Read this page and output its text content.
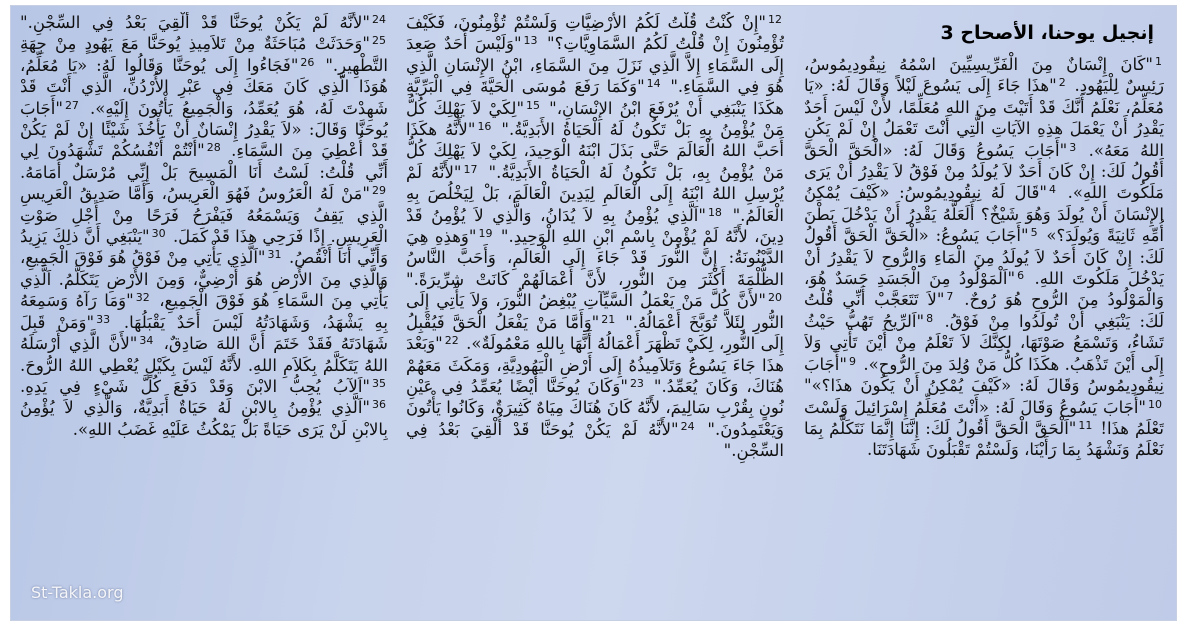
إنجيل يوحنا، الأصحاح 3
$^1$"كَانَ إِنْسَانٌ مِنَ الْفَرِّيسِيِّينَ اسْمُهُ نِيقُودِيمُوسُ، رَئِيسٌ لِلْيَهُودِ. $^2$"هذَا جَاءَ إِلَى يَسُوعَ لَيْلاً وَقَالَ لَهُ: «يَا مُعَلِّمُ، نَعْلَمُ أَنَّكَ قَدْ أَتَيْتَ مِنَ اللهِ مُعَلِّمًا، لأَنْ لَيْسَ أَحَدٌ يَقْدِرُ أَنْ يَعْمَلَ هذِهِ الآيَاتِ الَّتِي أَنْتَ تَعْمَلُ إِنْ لَمْ يَكُنِ اللهُ مَعَهُ». $^3$"أَجَابَ يَسُوعُ وَقَالَ لَهُ: «الْحَقَّ الْحَقَّ أَقُولُ لَكَ: إِنْ كَانَ أَحَدٌ لاَ يُولَدُ مِنْ فَوْقُ لاَ يَقْدِرُ أَنْ يَرَى مَلَكُوتَ اللهِ». $^4$"قَالَ لَهُ نِيقُودِيمُوسُ: «كَيْفَ يُمْكِنُ الإِنْسَانَ أَنْ يُولَدَ وَهُوَ شَيْخٌ؟ أَلَعَلَّهُ يَقْدِرُ أَنْ يَدْخُلَ بَطْنَ أُمِّهِ ثَانِيَةً وَيُولَدَ؟» $^5$"أَجَابَ يَسُوعُ: «الْحَقَّ الْحَقَّ أَقُولُ لَكَ: إِنْ كَانَ أَحَدٌ لاَ يُولَدُ مِنَ الْمَاءِ وَالرُّوحِ لاَ يَقْدِرُ أَنْ يَدْخُلَ مَلَكُوتَ اللهِ. $^6$"اَلْمَوْلُودُ مِنَ الْجَسَدِ جَسَدٌ هُوَ، وَالْمَوْلُودُ مِنَ الرُّوحِ هُوَ رُوحٌ. $^7$"لاَ تَتَعَجَّبْ أَنِّي قُلْتُ لَكَ: يَنْبَغِي أَنْ تُولَدُوا مِنْ فَوْقُ. $^8$"اَلرِّيحُ تَهُبُّ حَيْثُ تَشَاءُ، وَتَسْمَعُ صَوْتَهَا، لكِنَّكَ لاَ تَعْلَمُ مِنْ أَيْنَ تَأْتِي وَلاَ إِلَى أَيْنَ تَذْهَبُ. هكَذَا كُلُّ مَنْ وُلِدَ مِنَ الرُّوحِ». $^9$"أَجَابَ نِيقُودِيمُوسُ وَقَالَ لَهُ: «كَيْفَ يُمْكِنُ أَنْ يَكُونَ هذَا؟»" $^{10}$"أَجَابَ يَسُوعُ وَقَالَ لَهُ: «أَنْتَ مُعَلِّمُ إِسْرَائِيلَ وَلَسْتَ تَعْلَمُ هذَا! $^{11}$"اَلْحَقَّ الْحَقَّ أَقُولُ لَكَ: إِنَّنَا إِنَّمَا نَتَكَلَّمُ بِمَا نَعْلَمُ وَنَشْهَدُ بِمَا رَأَيْنَا، وَلَسْتُمْ تَقْبَلُونَ شَهَادَتَنَا.
$^{12}$"إِنْ كُنْتُ قُلْتُ لَكُمُ الأَرْضِيَّاتِ وَلَسْتُمْ تُؤْمِنُونَ، فَكَيْفَ تُؤْمِنُونَ إِنْ قُلْتُ لَكُمُ السَّمَاوِيَّاتِ؟" $^{13}$"وَلَيْسَ أَحَدٌ صَعِدَ إِلَى السَّمَاءِ إِلاَّ الَّذِي نَزَلَ مِنَ السَّمَاءِ، ابْنُ الإِنْسَانِ الَّذِي هُوَ فِي السَّمَاءِ." $^{14}$"وَكَمَا رَفَعَ مُوسَى الْحَيَّةَ فِي الْبَرِّيَّةِ هكَذَا يَنْبَغِي أَنْ يُرْفَعَ ابْنُ الإِنْسَانِ،" $^{15}$"لِكَيْ لاَ يَهْلِكَ كُلُّ مَنْ يُؤْمِنُ بِهِ بَلْ تَكُونُ لَهُ الْحَيَاةُ الأَبَدِيَّةُ." $^{16}$"لأَنَّهُ هكَذَا أَحَبَّ اللهُ الْعَالَمَ حَتَّى بَذَلَ ابْنَهُ الْوَحِيدَ، لِكَيْ لاَ يَهْلِكَ كُلُّ مَنْ يُؤْمِنُ بِهِ، بَلْ تَكُونُ لَهُ الْحَيَاةُ الأَبَدِيَّةُ." $^{17}$"لأَنَّهُ لَمْ يُرْسِلِ اللهُ ابْنَهُ إِلَى الْعَالَمِ لِيَدِينَ الْعَالَمَ، بَلْ لِيَخْلُصَ بِهِ الْعَالَمُ." $^{18}$"اَلَّذِي يُؤْمِنُ بِهِ لاَ يُدَانُ، وَالَّذِي لاَ يُؤْمِنُ قَدْ دِينَ، لأَنَّهُ لَمْ يُؤْمِنْ بِاسْمِ ابْنِ اللهِ الْوَحِيدِ." $^{19}$"وَهذِهِ هِيَ الدَّيْنُونَةُ: إِنَّ النُّورَ قَدْ جَاءَ إِلَى الْعَالَمِ، وَأَحَبَّ النَّاسُ الظُّلْمَةَ أَكْثَرَ مِنَ النُّورِ، لأَنَّ أَعْمَالَهُمْ كَانَتْ شِرِّيرَةً." $^{20}$"لأَنَّ كُلَّ مَنْ يَعْمَلُ السَّيِّآتِ يُبْغِضُ النُّورَ، وَلاَ يَأْتِي إِلَى النُّورِ لِئَلاَّ تُوَبَّخَ أَعْمَالُهُ." $^{21}$"وَأَمَّا مَنْ يَفْعَلُ الْحَقَّ فَيُقْبِلُ إِلَى النُّورِ، لِكَيْ تَظْهَرَ أَعْمَالُهُ أَنَّهَا بِاللهِ مَعْمُولَةٌ». $^{22}$"وَبَعْدَ هذَا جَاءَ يَسُوعُ وَتَلاَمِيذُهُ إِلَى أَرْضِ الْيَهُودِيَّةِ، وَمَكَثَ مَعَهُمْ هُنَاكَ، وَكَانَ يُعَمِّدُ." $^{23}$"وَكَانَ يُوحَنَّا أَيْضًا يُعَمِّدُ فِي عَيْنِ نُونٍ بِقُرْبِ سَالِيمَ، لأَنَّهُ كَانَ هُنَاكَ مِيَاهٌ كَثِيرَةٌ، وَكَانُوا يَأْتُونَ وَيَعْتَمِدُونَ." $^{24}$"لأَنَّهُ لَمْ يَكُنْ يُوحَنَّا قَدْ أُلْقِيَ بَعْدُ فِي السِّجْنِ."
$^{24}$"لأَنَّهُ لَمْ يَكُنْ يُوحَنَّا قَدْ أُلْقِيَ بَعْدُ فِي السِّجْنِ." $^{25}$"وَحَدَثَتْ مُبَاحَثَةٌ مِنْ تَلاَمِيذِ يُوحَنَّا مَعَ يَهُودٍ مِنْ جِهَةِ التَّطْهِيرِ." $^{26}$"فَجَاءُوا إِلَى يُوحَنَّا وَقَالُوا لَهُ: «يَا مُعَلِّمُ، هُوَذَا الَّذِي كَانَ مَعَكَ فِي عَبْرِ الأُرْدُنِّ، الَّذِي أَنْتَ قَدْ شَهِدْتَ لَهُ، هُوَ يُعَمِّدُ، وَالْجَمِيعُ يَأْتُونَ إِلَيْهِ». $^{27}$"أَجَابَ يُوحَنَّا وَقَالَ: «لاَ يَقْدِرُ إِنْسَانٌ أَنْ يَأْخُذَ شَيْئًا إِنْ لَمْ يَكُنْ قَدْ أُعْطِيَ مِنَ السَّمَاءِ. $^{28}$"أَنْتُمْ أَنْفُسُكُمْ تَشْهَدُونَ لِي أَنِّي قُلْتُ: لَسْتُ أَنَا الْمَسِيحَ بَلْ إِنِّي مُرْسَلٌ أَمَامَهُ. $^{29}$"مَنْ لَهُ الْعَرُوسُ فَهُوَ الْعَرِيسُ، وَأَمَّا صَدِيقُ الْعَرِيسِ الَّذِي يَقِفُ وَيَسْمَعُهُ فَيَفْرَحُ فَرَحًا مِنْ أَجْلِ صَوْتِ الْعَرِيسِ. إِذًا فَرَحِي هذَا قَدْ كَمَلَ. $^{30}$"يَنْبَغِي أَنَّ ذلِكَ يَزِيدُ وَأَنِّي أَنَا أَنْقُصُ. $^{31}$"اَلَّذِي يَأْتِي مِنْ فَوْقُ هُوَ فَوْقَ الْجَمِيعِ، وَالَّذِي مِنَ الأَرْضِ هُوَ أَرْضِيٌّ، وَمِنَ الأَرْضِ يَتَكَلَّمُ. اَلَّذِي يَأْتِي مِنَ السَّمَاءِ هُوَ فَوْقَ الْجَمِيعِ، $^{32}$"وَمَا رَآهُ وَسَمِعَهُ بِهِ يَشْهَدُ، وَشَهَادَتُهُ لَيْسَ أَحَدٌ يَقْبَلُهَا. $^{33}$"وَمَنْ قَبِلَ شَهَادَتَهُ فَقَدْ خَتَمَ أَنَّ اللهَ صَادِقٌ، $^{34}$"لأَنَّ الَّذِي أَرْسَلَهُ اللهُ يَتَكَلَّمُ بِكَلاَمِ اللهِ. لأَنَّهُ لَيْسَ بِكَيْلٍ يُعْطِي اللهُ الرُّوحَ. $^{35}$"اَلآبُ يُحِبُّ الابْنَ وَقَدْ دَفَعَ كُلَّ شَيْءٍ فِي يَدِهِ. $^{36}$"اَلَّذِي يُؤْمِنُ بِالابْنِ لَهُ حَيَاةٌ أَبَدِيَّةٌ، وَالَّذِي لاَ يُؤْمِنُ بِالابْنِ لَنْ يَرَى حَيَاةً بَلْ يَمْكُثُ عَلَيْهِ غَضَبُ اللهِ».
St-Takla.org
